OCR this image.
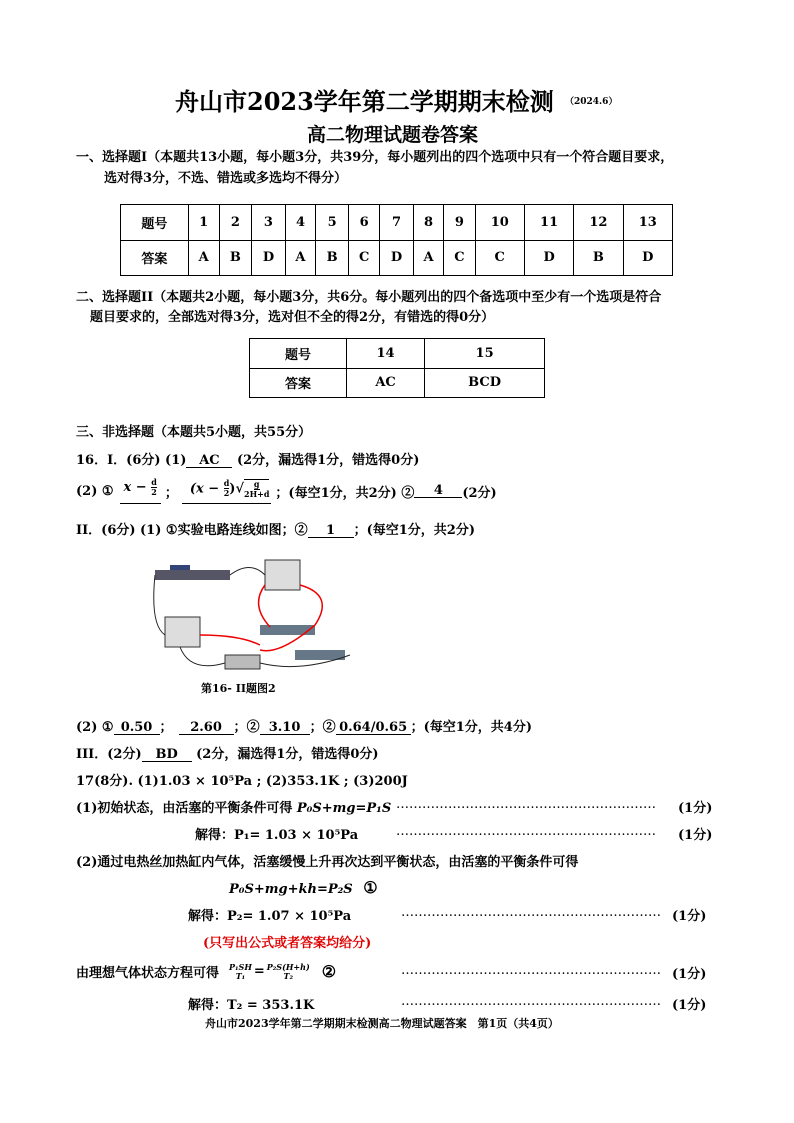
舟山市2023学年第二学期期末检测 （2024.6）
高二物理试题卷答案
一、选择题I（本题共13小题，每小题3分，共39分，每小题列出的四个选项中只有一个符合题目要求，
选对得3分，不选、错选或多选均不得分）
题号	1	2	3	4	5	6	7	8	9	10	11	12	13
答案	A	B	D	A	B	C	D	A	C	C	D	B	D
二、选择题II（本题共2小题，每小题3分，共6分。每小题列出的四个备选项中至少有一个选项是符合
题目要求的，全部选对得3分，选对但不全的得2分，有错选的得0分）
题号	14	15
答案	AC	BCD
三、非选择题（本题共5小题，共55分）
16．I．(6分) (1) AC (2分，漏选得1分，错选得0分)
(2) ① $x - \frac{d}{2}$ ； ($x - \frac{d}{2}$ )√ $\frac{g}{2H+d}$ ；(每空1分，共2分) ②	4	(2分)
II．(6分) (1) ①实验电路连线如图；② 1 ；(每空1分，共2分)
第16- II题图2
(2) ① 0.50 ； 2.60 ；② 3.10 ；② 0.64/0.65 ；(每空1分，共4分)
III．(2分) BD (2分，漏选得1分，错选得0分)
17(8分). (1)1.03 × 10⁵Pa ; (2)353.1K ; (3)200J
(1)初始状态，由活塞的平衡条件可得 P₀S+mg=P₁S …………………………………………………… (1分)
解得：P₁= 1.03 × 10⁵Pa	…………………………………………………… (1分)
(2)通过电热丝加热缸内气体，活塞缓慢上升再次达到平衡状态，由活塞的平衡条件可得
P₀S+mg+kh=P₂S ①
解得：P₂= 1.07 × 10⁵Pa	…………………………………………………… (1分)
(只写出公式或者答案均给分)
由理想气体状态方程可得 P₁SH
T₁ = P₂S(H+h)
T₂ ②	…………………………………………………… (1分)
解得：T₂ = 353.1K	…………………………………………………… (1分)
舟山市2023学年第二学期期末检测高二物理试题答案　第1页（共4页）
